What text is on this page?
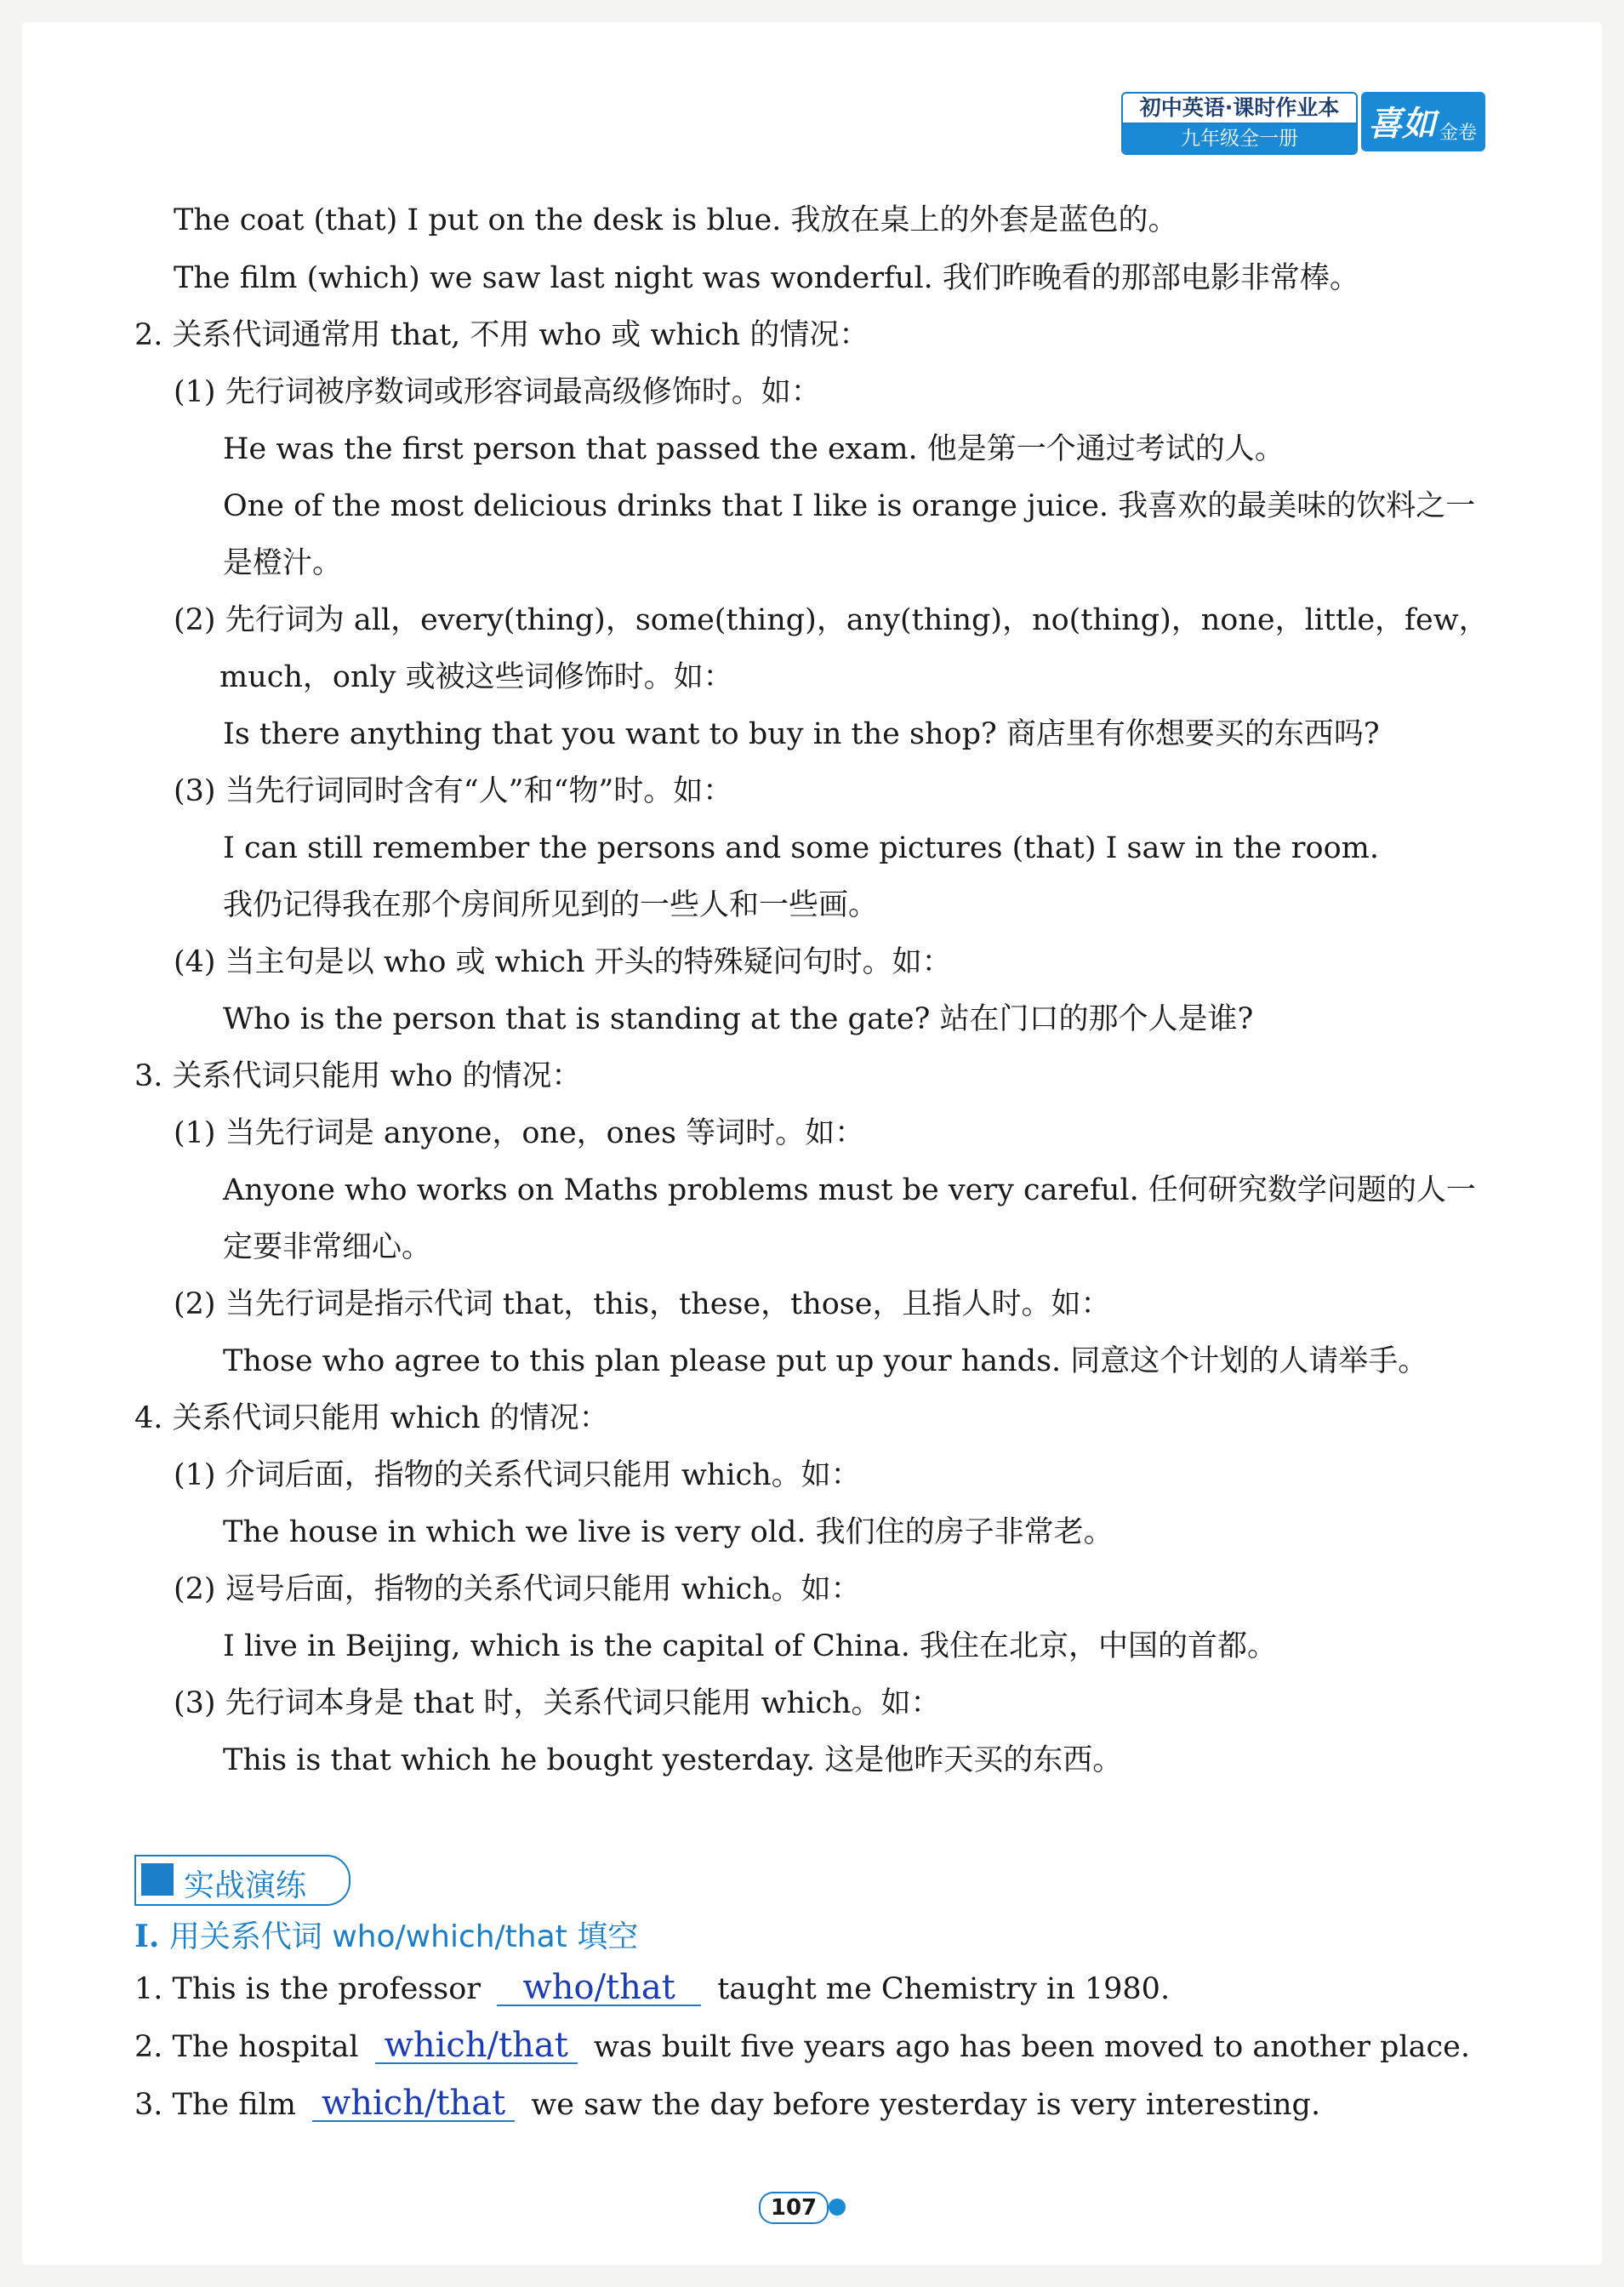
初中英语·课时作业本
九年级全一册	喜如 金卷
The coat (that) I put on the desk is blue. 我放在桌上的外套是蓝色的。
The film (which) we saw last night was wonderful. 我们昨晚看的那部电影非常棒。
2. 关系代词通常用 that, 不用 who 或 which 的情况：
(1) 先行词被序数词或形容词最高级修饰时。如：
He was the first person that passed the exam. 他是第一个通过考试的人。
One of the most delicious drinks that I like is orange juice. 我喜欢的最美味的饮料之一
是橙汁。
(2) 先行词为 all，every(thing)，some(thing)，any(thing)，no(thing)，none，little，few，
much，only 或被这些词修饰时。如：
Is there anything that you want to buy in the shop? 商店里有你想要买的东西吗?
(3) 当先行词同时含有“人”和“物”时。如：
I can still remember the persons and some pictures (that) I saw in the room.
我仍记得我在那个房间所见到的一些人和一些画。
(4) 当主句是以 who 或 which 开头的特殊疑问句时。如：
Who is the person that is standing at the gate? 站在门口的那个人是谁?
3. 关系代词只能用 who 的情况：
(1) 当先行词是 anyone，one，ones 等词时。如：
Anyone who works on Maths problems must be very careful. 任何研究数学问题的人一
定要非常细心。
(2) 当先行词是指示代词 that，this，these，those，且指人时。如：
Those who agree to this plan please put up your hands. 同意这个计划的人请举手。
4. 关系代词只能用 which 的情况：
(1) 介词后面，指物的关系代词只能用 which。如：
The house in which we live is very old. 我们住的房子非常老。
(2) 逗号后面，指物的关系代词只能用 which。如：
I live in Beijing, which is the capital of China. 我住在北京，中国的首都。
(3) 先行词本身是 that 时，关系代词只能用 which。如：
This is that which he bought yesterday. 这是他昨天买的东西。
实战演练
I. 用关系代词 who/which/that 填空
1. This is the professor who/that taught me Chemistry in 1980.
2. The hospital which/that was built five years ago has been moved to another place.
3. The film which/that we saw the day before yesterday is very interesting.
107
